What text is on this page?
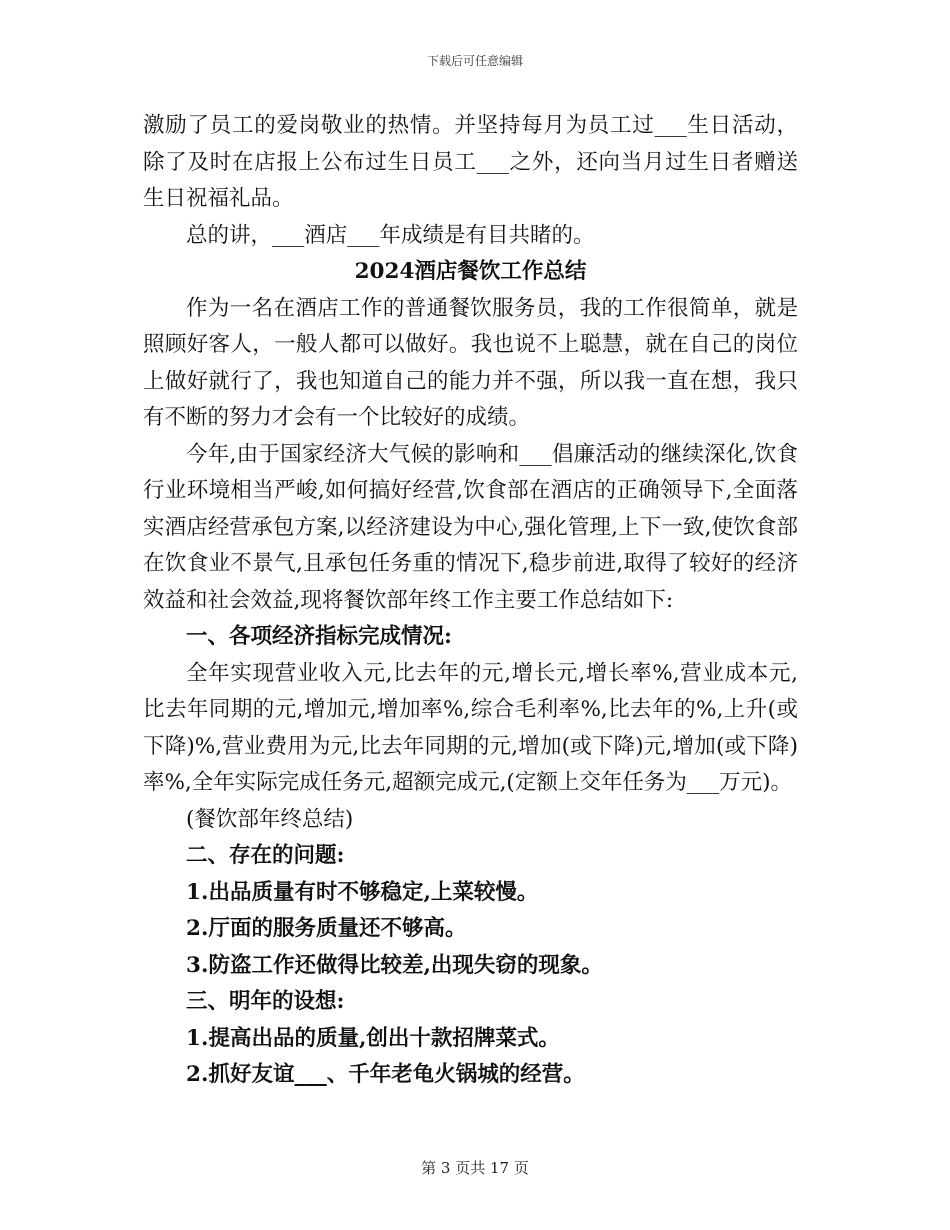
下载后可任意编辑

激励了员工的爱岗敬业的热情。并坚持每月为员工过___生日活动，除了及时在店报上公布过生日员工___之外，还向当月过生日者赠送生日祝福礼品。

总的讲，___酒店___年成绩是有目共睹的。

2024酒店餐饮工作总结

作为一名在酒店工作的普通餐饮服务员，我的工作很简单，就是照顾好客人，一般人都可以做好。我也说不上聪慧，就在自己的岗位上做好就行了，我也知道自己的能力并不强，所以我一直在想，我只有不断的努力才会有一个比较好的成绩。

今年,由于国家经济大气候的影响和___倡廉活动的继续深化,饮食行业环境相当严峻,如何搞好经营,饮食部在酒店的正确领导下,全面落实酒店经营承包方案,以经济建设为中心,强化管理,上下一致,使饮食部在饮食业不景气,且承包任务重的情况下,稳步前进,取得了较好的经济效益和社会效益,现将餐饮部年终工作主要工作总结如下:

一、各项经济指标完成情况:

全年实现营业收入元,比去年的元,增长元,增长率%,营业成本元,比去年同期的元,增加元,增加率%,综合毛利率%,比去年的%,上升(或下降)%,营业费用为元,比去年同期的元,增加(或下降)元,增加(或下降)率%,全年实际完成任务元,超额完成元,(定额上交年任务为___万元)。

(餐饮部年终总结)

二、存在的问题:

1.出品质量有时不够稳定,上菜较慢。

2.厅面的服务质量还不够高。

3.防盗工作还做得比较差,出现失窃的现象。

三、明年的设想:

1.提高出品的质量,创出十款招牌菜式。

2.抓好友谊___、千年老龟火锅城的经营。

第 3 页共 17 页
